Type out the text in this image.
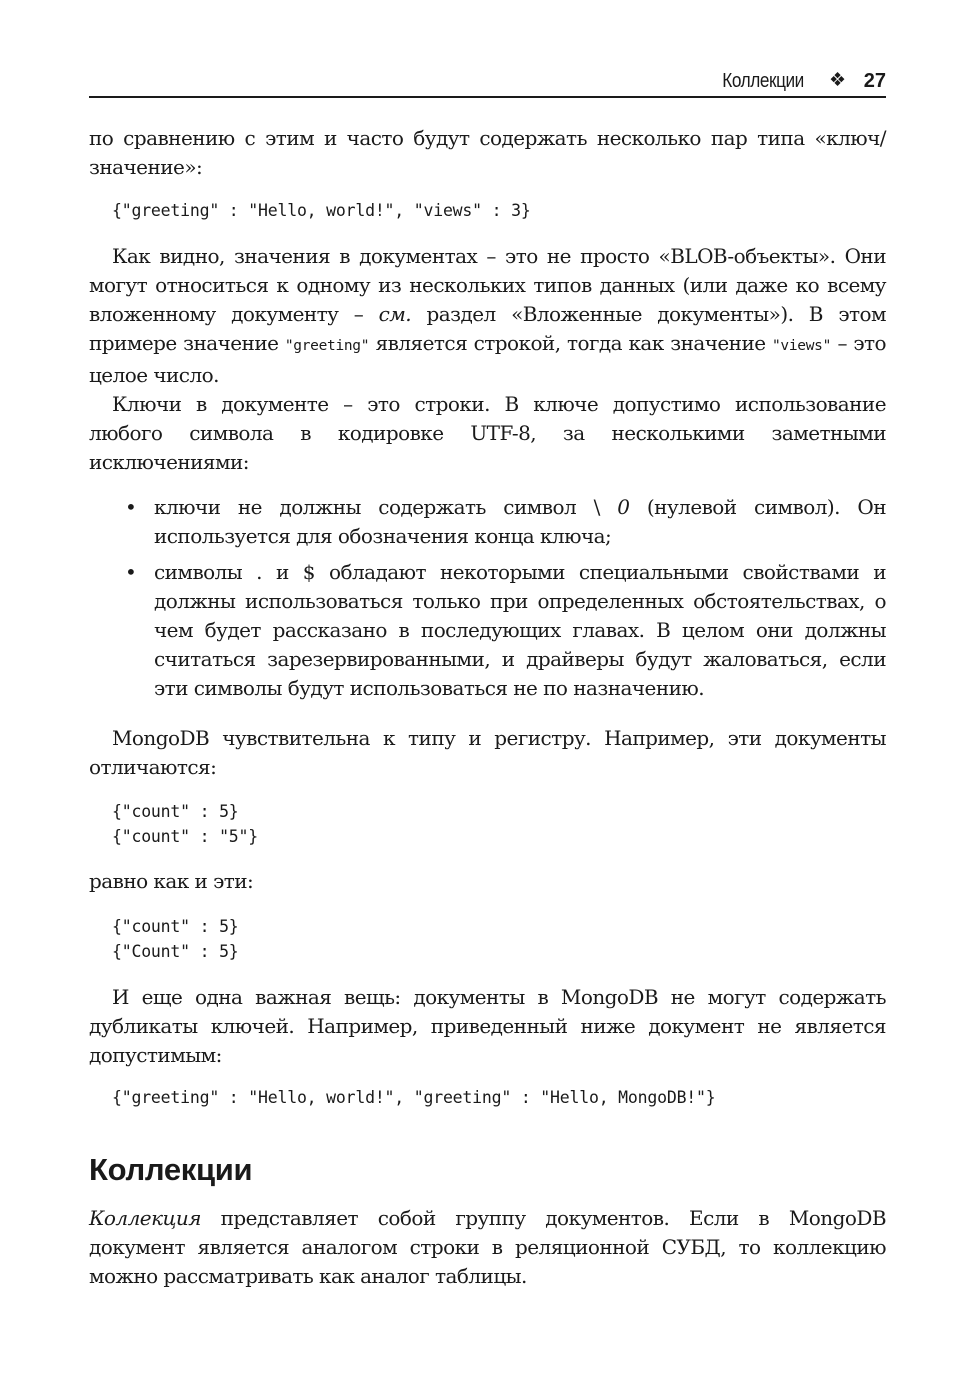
Коллекции ❖ 27

по сравнению с этим и часто будут содержать несколько пар типа «ключ/значение»:

{"greeting" : "Hello, world!", "views" : 3}

Как видно, значения в документах – это не просто «BLOB-объекты». Они могут относиться к одному из нескольких типов данных (или даже ко всему вложенному документу – см. раздел «Вложенные документы»). В этом примере значение "greeting" является строкой, тогда как значение "views" – это целое число.

Ключи в документе – это строки. В ключе допустимо использование любого символа в кодировке UTF-8, за несколькими заметными исключениями:

• ключи не должны содержать символ \ 0 (нулевой символ). Он используется для обозначения конца ключа;
• символы . и $ обладают некоторыми специальными свойствами и должны использоваться только при определенных обстоятельствах, о чем будет рассказано в последующих главах. В целом они должны считаться зарезервированными, и драйверы будут жаловаться, если эти символы будут использоваться не по назначению.

MongoDB чувствительна к типу и регистру. Например, эти документы отличаются:

{"count" : 5}
{"count" : "5"}

равно как и эти:

{"count" : 5}
{"Count" : 5}

И еще одна важная вещь: документы в MongoDB не могут содержать дубликаты ключей. Например, приведенный ниже документ не является допустимым:

{"greeting" : "Hello, world!", "greeting" : "Hello, MongoDB!"}
Коллекции

Коллекция представляет собой группу документов. Если в MongoDB документ является аналогом строки в реляционной СУБД, то коллекцию можно рассматривать как аналог таблицы.
